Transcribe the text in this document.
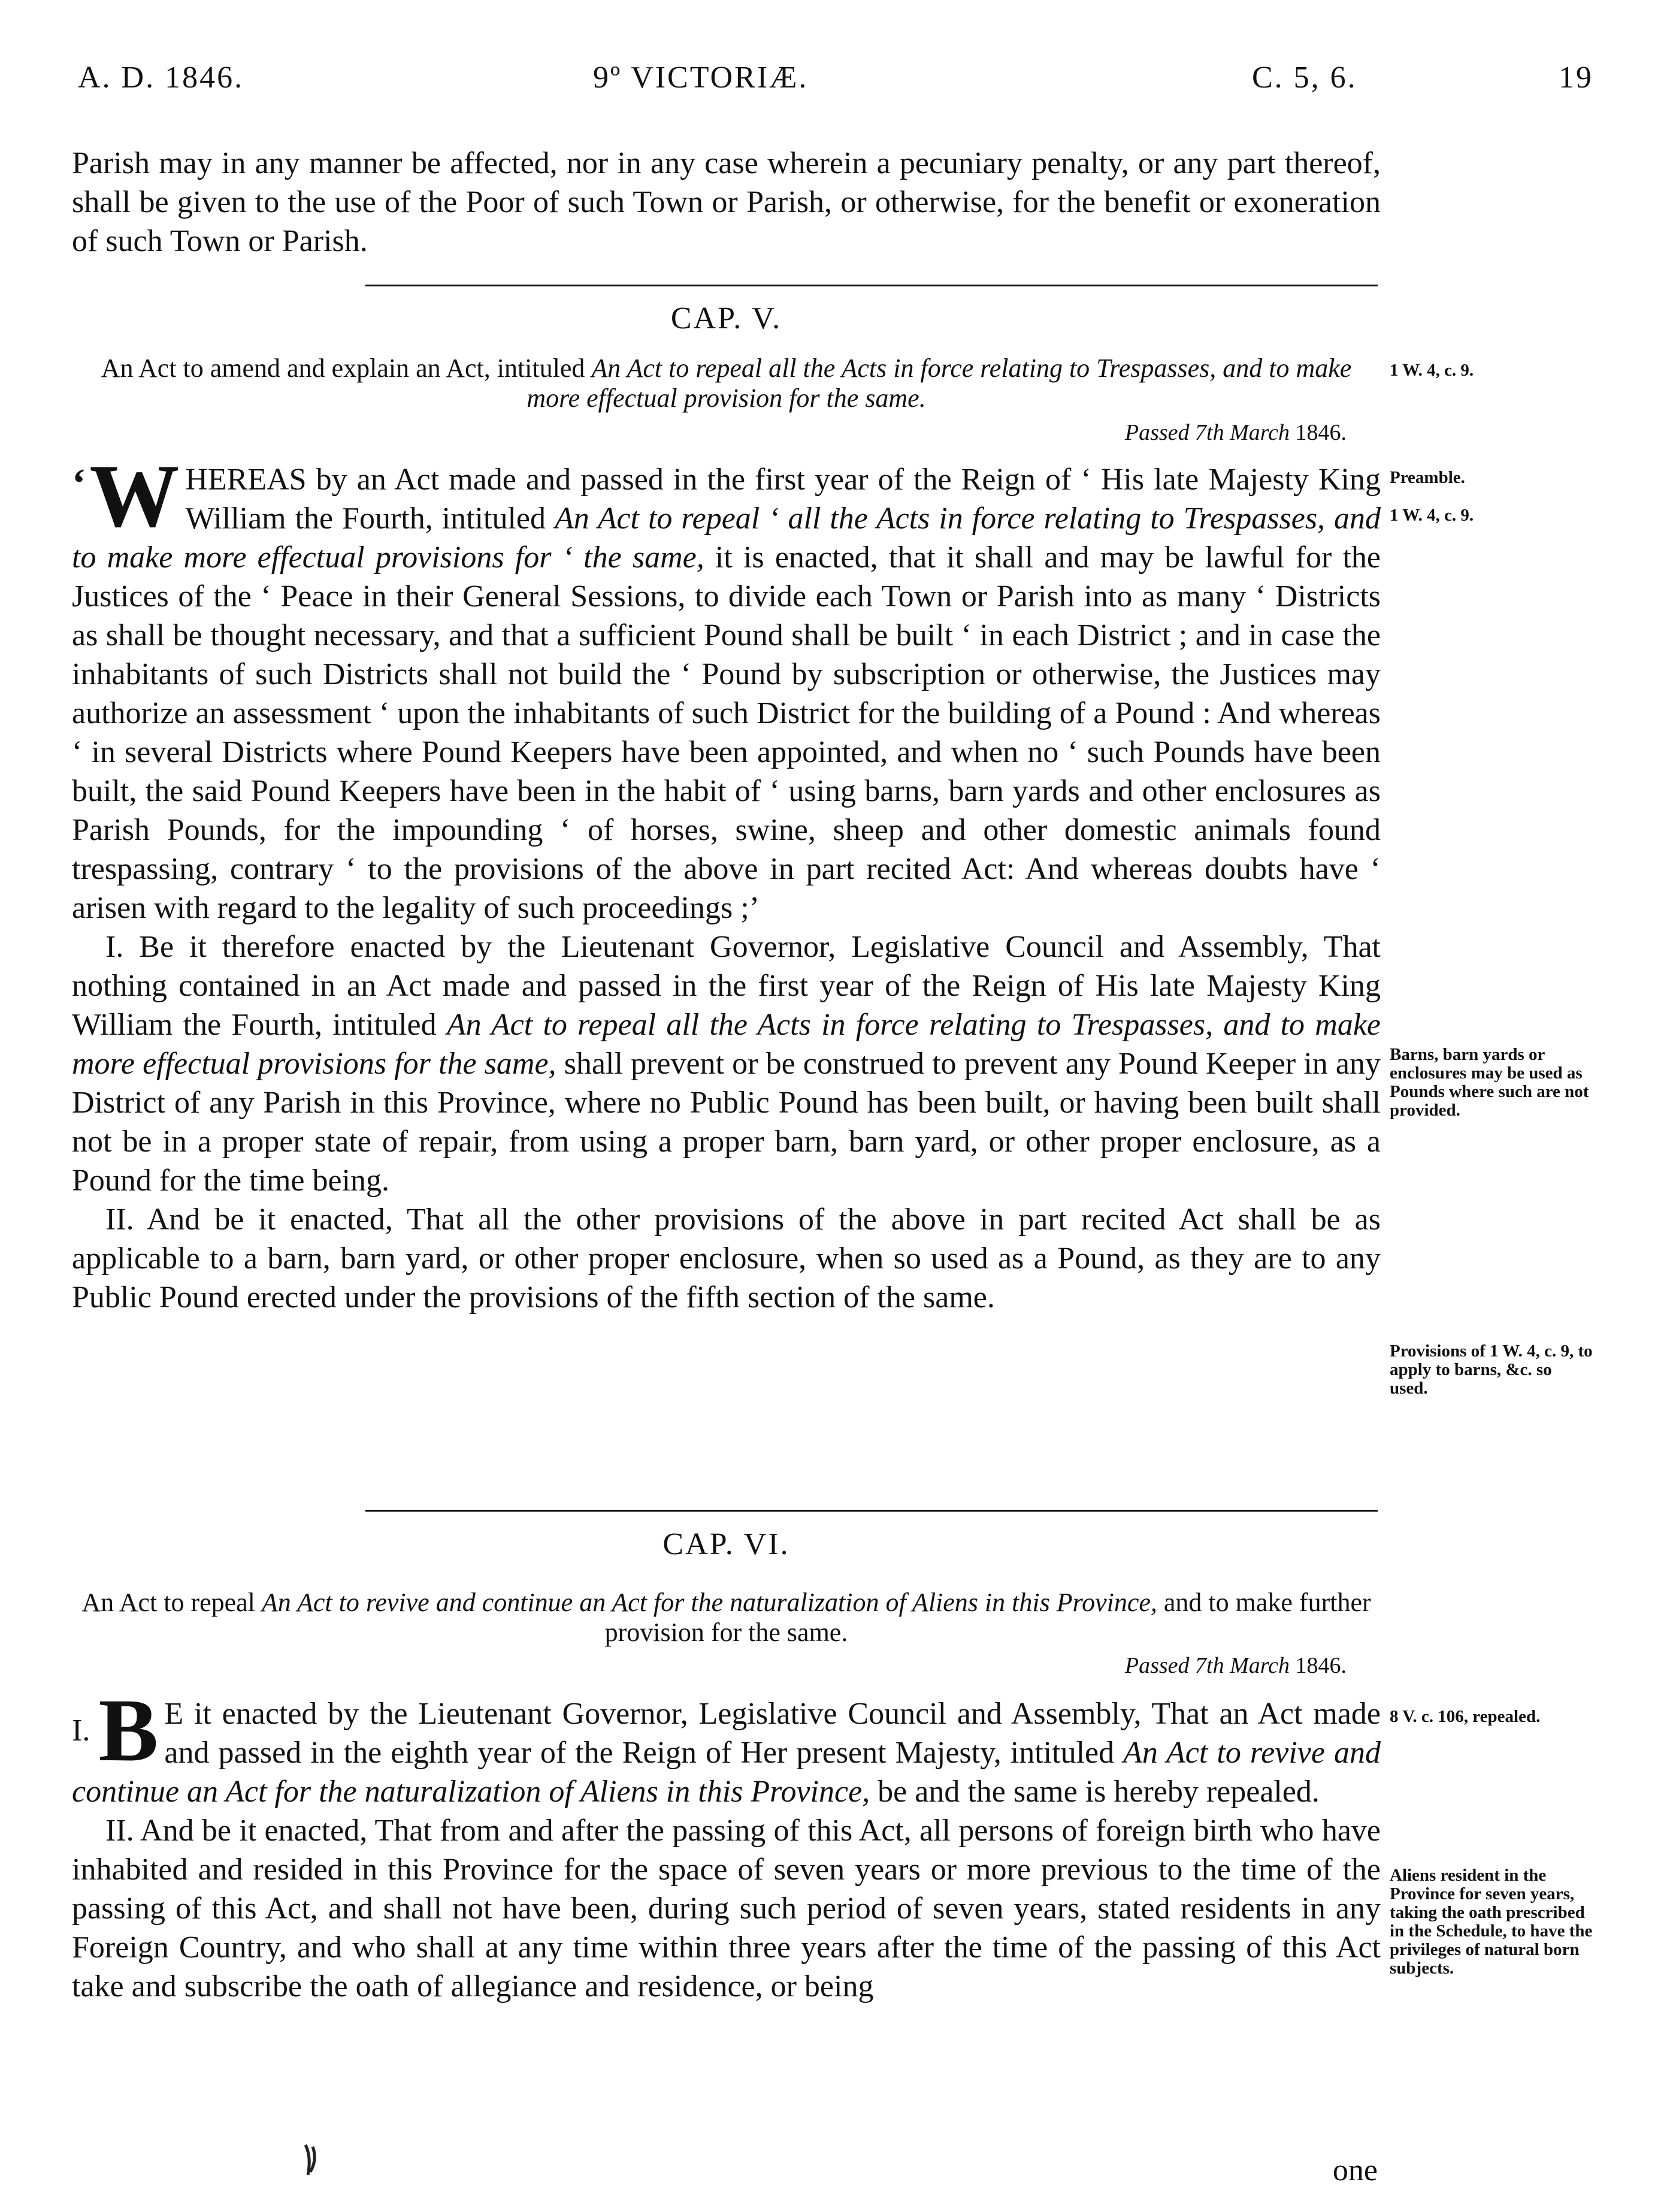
A. D. 1846.	9º VICTORIÆ.	C. 5, 6.	19

Parish may in any manner be affected, nor in any case wherein a pecuniary penalty, or any part thereof, shall be given to the use of the Poor of such Town or Parish, or otherwise, for the benefit or exoneration of such Town or Parish.

CAP. V.
An Act to amend and explain an Act, intituled An Act to repeal all the Acts in force relating to Trespasses, and to make more effectual provision for the same.
Passed 7th March 1846.

‘ W HEREAS by an Act made and passed in the first year of the Reign of ‘ His late Majesty King William the Fourth, intituled An Act to repeal ‘ all the Acts in force relating to Trespasses, and to make more effectual provisions for ‘ the same, it is enacted, that it shall and may be lawful for the Justices of the ‘ Peace in their General Sessions, to divide each Town or Parish into as many ‘ Districts as shall be thought necessary, and that a sufficient Pound shall be built ‘ in each District ; and in case the inhabitants of such Districts shall not build the ‘ Pound by subscription or otherwise, the Justices may authorize an assessment ‘ upon the inhabitants of such District for the building of a Pound : And whereas ‘ in several Districts where Pound Keepers have been appointed, and when no ‘ such Pounds have been built, the said Pound Keepers have been in the habit of ‘ using barns, barn yards and other enclosures as Parish Pounds, for the impounding ‘ of horses, swine, sheep and other domestic animals found trespassing, contrary ‘ to the provisions of the above in part recited Act: And whereas doubts have ‘ arisen with regard to the legality of such proceedings ;’

I. Be it therefore enacted by the Lieutenant Governor, Legislative Council and Assembly, That nothing contained in an Act made and passed in the first year of the Reign of His late Majesty King William the Fourth, intituled An Act to repeal all the Acts in force relating to Trespasses, and to make more effectual provisions for the same, shall prevent or be construed to prevent any Pound Keeper in any District of any Parish in this Province, where no Public Pound has been built, or having been built shall not be in a proper state of repair, from using a proper barn, barn yard, or other proper enclosure, as a Pound for the time being.

II. And be it enacted, That all the other provisions of the above in part recited Act shall be as applicable to a barn, barn yard, or other proper enclosure, when so used as a Pound, as they are to any Public Pound erected under the provisions of the fifth section of the same.

1 W. 4, c. 9.
Preamble.
1 W. 4, c. 9.
Barns, barn yards or enclosures may be used as Pounds where such are not provided.
Provisions of 1 W. 4, c. 9, to apply to barns, &c. so used.
CAP. VI.
An Act to repeal An Act to revive and continue an Act for the naturalization of Aliens in this Province, and to make further provision for the same.
Passed 7th March 1846.

I. B E it enacted by the Lieutenant Governor, Legislative Council and Assembly, That an Act made and passed in the eighth year of the Reign of Her present Majesty, intituled An Act to revive and continue an Act for the naturalization of Aliens in this Province, be and the same is hereby repealed.

II. And be it enacted, That from and after the passing of this Act, all persons of foreign birth who have inhabited and resided in this Province for the space of seven years or more previous to the time of the passing of this Act, and shall not have been, during such period of seven years, stated residents in any Foreign Country, and who shall at any time within three years after the time of the passing of this Act take and subscribe the oath of allegiance and residence, or being

8 V. c. 106, repealed.
Aliens resident in the Province for seven years, taking the oath prescribed in the Schedule, to have the privileges of natural born subjects.
one
